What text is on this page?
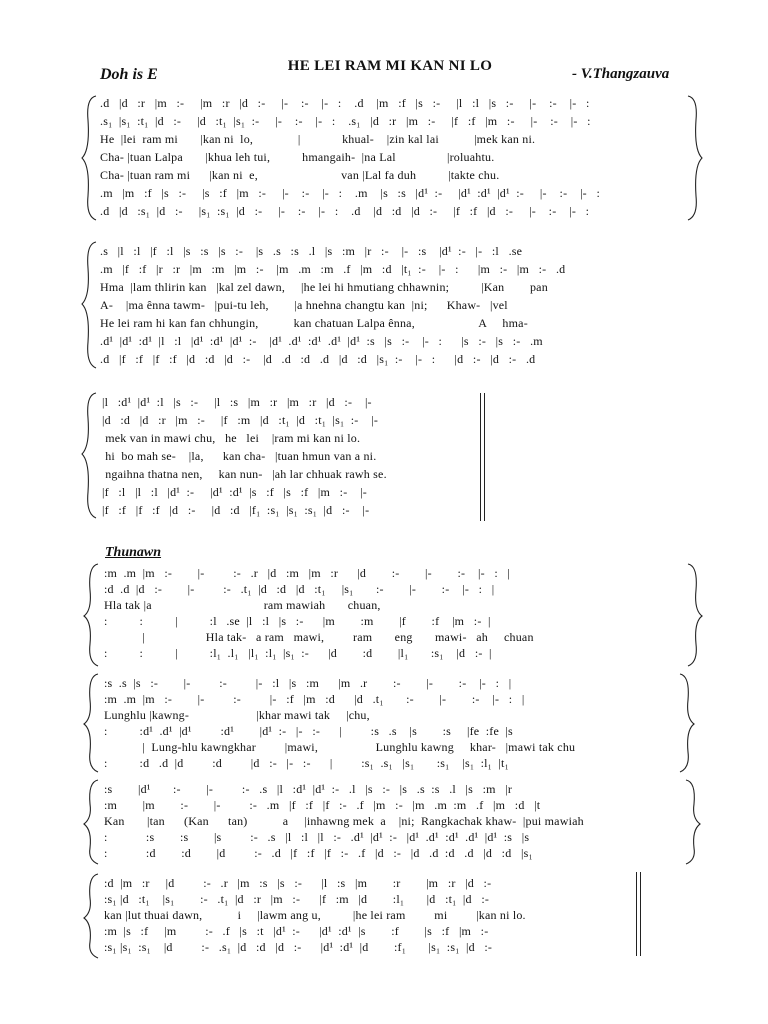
Doh is E	HE LEI RAM MI KAN NI LO	- V.Thangzauva
.d   |d   :r   |m   :-     |m   :r   |d   :-     |-    :-    |-   :    .d    |m   :f   |s   :-     |l   :l   |s   :-     |-    :-    |-   :
.s₁  |s₁  :t₁  |d   :-     |d   :t₁  |s₁  :-     |-    :-    |-   :    .s₁   |d   :r   |m   :-     |f   :f   |m   :-     |-    :-    |-   :
He  |lei  ram mi       |kan ni  lo,              |             khual-    |zin kal lai           |mek kan ni.
Cha- |tuan Lalpa       |khua leh tui,          hmangaih-  |na Lal                |roluahtu.
Cha- |tuan ram mi      |kan ni  e,                          van |Lal fa duh          |takte chu.
.m   |m   :f   |s   :-     |s   :f   |m   :-     |-    :-    |-   :    .m    |s   :s   |d¹  :-     |d¹  :d¹  |d¹  :-     |-    :-    |-   :
.d   |d   :s₁  |d   :-     |s₁  :s₁  |d   :-     |-    :-    |-   :    .d    |d   :d   |d   :-     |f   :f   |d   :-     |-    :-    |-   :
.s   |l   :l   |f   :l   |s   :s   |s   :-    |s   .s   :s   .l   |s   :m   |r   :-    |-   :s    |d¹  :-   |-   :l   .se
.m   |f   :f   |r   :r   |m   :m   |m   :-    |m   .m   :m   .f   |m   :d   |t₁  :-    |-   :      |m   :-   |m   :-   .d
Hma  |lam thlirin kan   |kal zel dawn,     |he lei hi hmutiang chhawnin;          |Kan        pan
A-    |ma ênna tawm-   |pui-tu leh,        |a hnehna changtu kan  |ni;      Khaw-   |vel
He lei ram hi kan fan chhungin,           kan chatuan Lalpa ênna,                    A     hma-
.d¹  |d¹  :d¹  |l   :l   |d¹  :d¹  |d¹  :-    |d¹  .d¹  :d¹  .d¹  |d¹  :s   |s   :-    |-   :      |s   :-   |s   :-   .m
.d   |f   :f   |f   :f   |d   :d   |d   :-    |d   .d   :d   .d   |d   :d   |s₁  :-    |-   :      |d   :-   |d   :-   .d
|l   :d¹  |d¹  :l   |s   :-     |l   :s   |m   :r   |m   :r   |d   :-    |-
|d   :d   |d   :r   |m   :-     |f   :m   |d   :t₁  |d   :t₁  |s₁  :-    |-
mek van in mawi chu,   he   lei    |ram mi kan ni lo.
hi  bo mah se-    |la,      kan cha-   |tuan hmun van a ni.
ngaihna thatna nen,     kan nun-   |ah lar chhuak rawh se.
|f   :l   |l   :l   |d¹  :-     |d¹  :d¹  |s   :f   |s   :f   |m   :-    |-
|f   :f   |f   :f   |d   :-     |d   :d   |f₁  :s₁  |s₁  :s₁  |d   :-    |-
Thunawn
:m  .m  |m   :-        |-         :-   .r   |d   :m   |m   :r      |d        :-        |-        :-    |-   :   |
:d  .d  |d   :-        |-         :-   .t₁  |d   :d   |d   :t₁     |s₁       :-        |-        :-    |-   :   |
Hla tak |a                                   ram mawiah       chuan,
:          :          |          :l   .se  |l   :l   |s   :-      |m        :m        |f        :f    |m   :-  |
|                   Hla tak-   a ram   mawi,         ram       eng       mawi-   ah     chuan
:          :          |          :l₁  .l₁   |l₁  :l₁  |s₁  :-      |d        :d        |l₁       :s₁    |d   :-  |
:s  .s  |s   :-        |-         :-         |-   :l   |s   :m      |m   .r        :-        |-        :-    |-   :   |
:m  .m  |m   :-        |-         :-         |-   :f   |m   :d      |d   .t₁       :-        |-        :-    |-   :   |
Lunghlu |kawng-                     |khar mawi tak     |chu,
:          :d¹  .d¹  |d¹         :d¹        |d¹  :-   |-   :-      |         :s   .s    |s        :s     |fe  :fe  |s
|  Lung-hlu kawngkhar         |mawi,                  Lunghlu kawng     khar-   |mawi tak chu
:          :d   .d  |d         :d         |d   :-   |-   :-      |         :s₁  .s₁   |s₁       :s₁    |s₁  :l₁  |t₁
:s        |d¹       :-        |-         :-   .s   |l   :d¹  |d¹  :-   .l   |s   :-   |s   .s  :s   .l   |s   :m   |r
:m        |m        :-        |-         :-   .m   |f   :f   |f   :-   .f   |m   :-   |m   .m  :m   .f   |m   :d   |t
Kan       |tan      (Kan      tan)           a     |inhawng mek  a    |ni;  Rangkachak khaw-  |pui mawiah
:            :s        :s        |s         :-   .s   |l   :l   |l   :-   .d¹  |d¹  :-   |d¹  .d¹  :d¹  .d¹  |d¹  :s   |s
:            :d        :d        |d         :-   .d   |f   :f   |f   :-   .f   |d   :-   |d   .d  :d   .d   |d   :d   |s₁
:d  |m   :r     |d         :-   .r   |m   :s   |s   :-      |l   :s   |m        :r        |m   :r   |d   :-
:s₁ |d   :t₁    |s₁        :-   .t₁  |d   :r   |m   :-      |f   :m   |d        :l₁       |d   :t₁  |d   :-
kan |lut thuai dawn,           i     |lawm ang u,          |he lei ram         mi         |kan ni lo.
:m  |s   :f     |m         :-   .f   |s   :t   |d¹  :-      |d¹  :d¹  |s        :f        |s   :f   |m   :-
:s₁ |s₁  :s₁    |d         :-   .s₁  |d   :d   |d   :-      |d¹  :d¹  |d        :f₁       |s₁  :s₁  |d   :-
